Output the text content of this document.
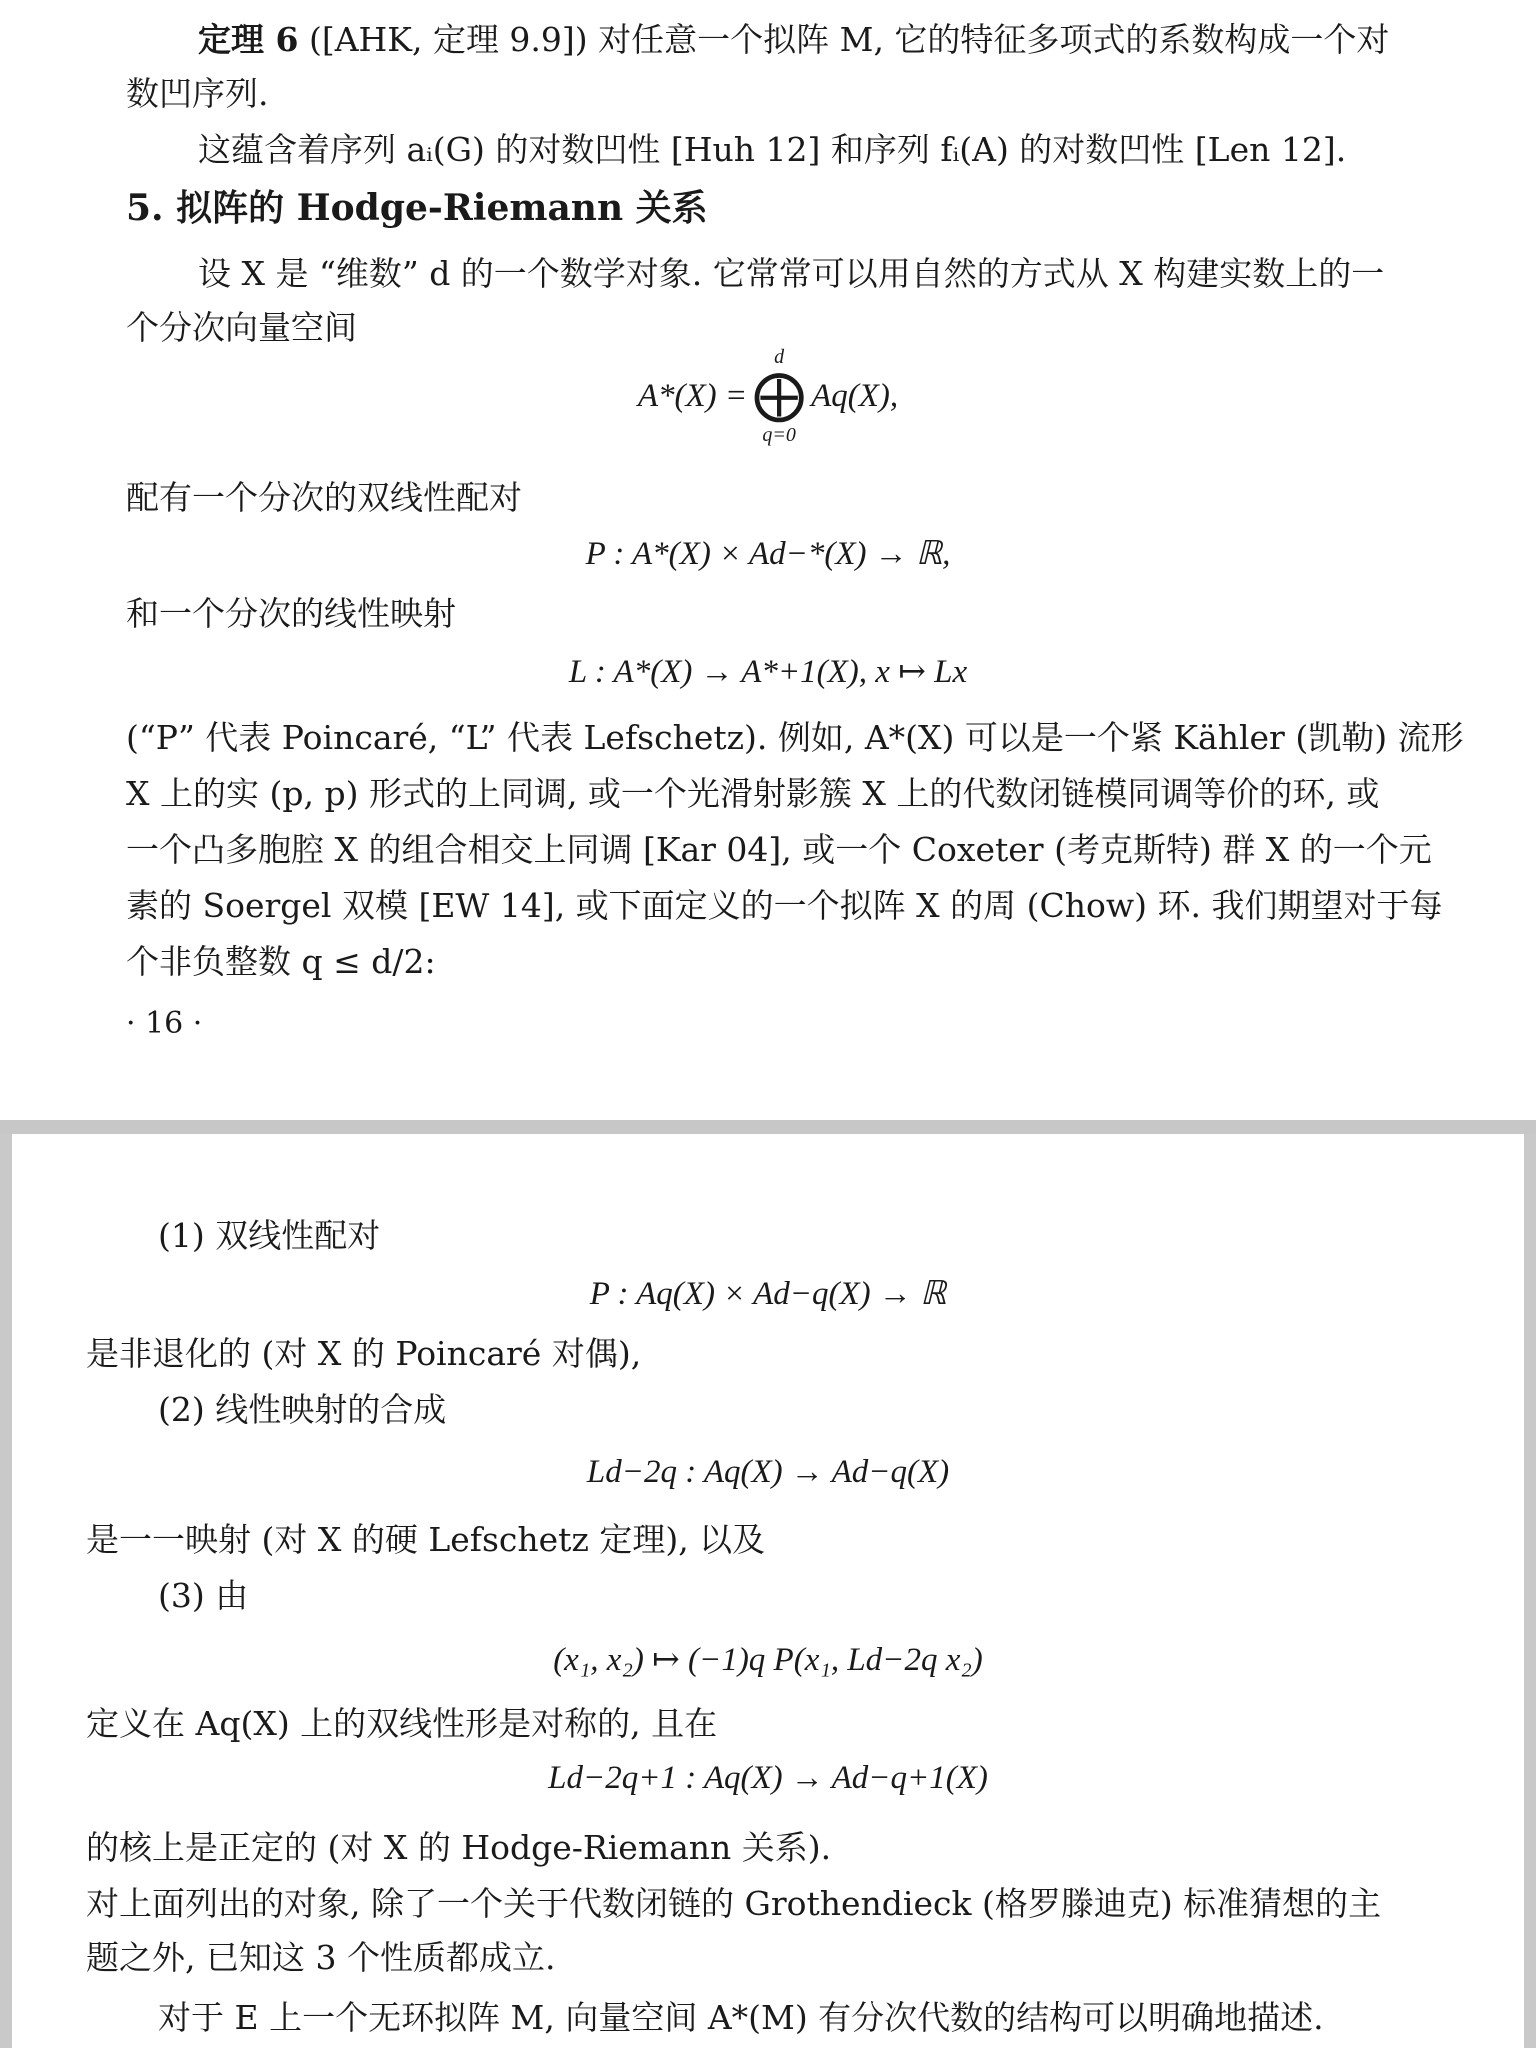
定理 6 ([AHK, 定理 9.9]) 对任意一个拟阵 M, 它的特征多项式的系数构成一个对
数凹序列.
这蕴含着序列 aᵢ(G) 的对数凹性 [Huh 12] 和序列 fᵢ(A) 的对数凹性 [Len 12].
5. 拟阵的 Hodge-Riemann 关系
设 X 是 “维数” d 的一个数学对象. 它常常可以用自然的方式从 X 构建实数上的一
个分次向量空间
A*(X) =
d
⨁
q=0
Aq(X),
配有一个分次的双线性配对
P : A*(X) × Ad−*(X) → ℝ,
和一个分次的线性映射
L : A*(X) → A*+1(X), x ↦ Lx
(“P” 代表 Poincaré, “L” 代表 Lefschetz). 例如, A*(X) 可以是一个紧 Kähler (凯勒) 流形
X 上的实 (p, p) 形式的上同调, 或一个光滑射影簇 X 上的代数闭链模同调等价的环, 或
一个凸多胞腔 X 的组合相交上同调 [Kar 04], 或一个 Coxeter (考克斯特) 群 X 的一个元
素的 Soergel 双模 [EW 14], 或下面定义的一个拟阵 X 的周 (Chow) 环. 我们期望对于每
个非负整数 q ≤ d/2:
· 16 ·
(1) 双线性配对
P : Aq(X) × Ad−q(X) → ℝ
是非退化的 (对 X 的 Poincaré 对偶),
(2) 线性映射的合成
Ld−2q : Aq(X) → Ad−q(X)
是一一映射 (对 X 的硬 Lefschetz 定理), 以及
(3) 由
(x₁, x₂) ↦ (−1)q P(x₁, Ld−2q x₂)
定义在 Aq(X) 上的双线性形是对称的, 且在
Ld−2q+1 : Aq(X) → Ad−q+1(X)
的核上是正定的 (对 X 的 Hodge-Riemann 关系).
对上面列出的对象, 除了一个关于代数闭链的 Grothendieck (格罗滕迪克) 标准猜想的主
题之外, 已知这 3 个性质都成立.
对于 E 上一个无环拟阵 M, 向量空间 A*(M) 有分次代数的结构可以明确地描述.
